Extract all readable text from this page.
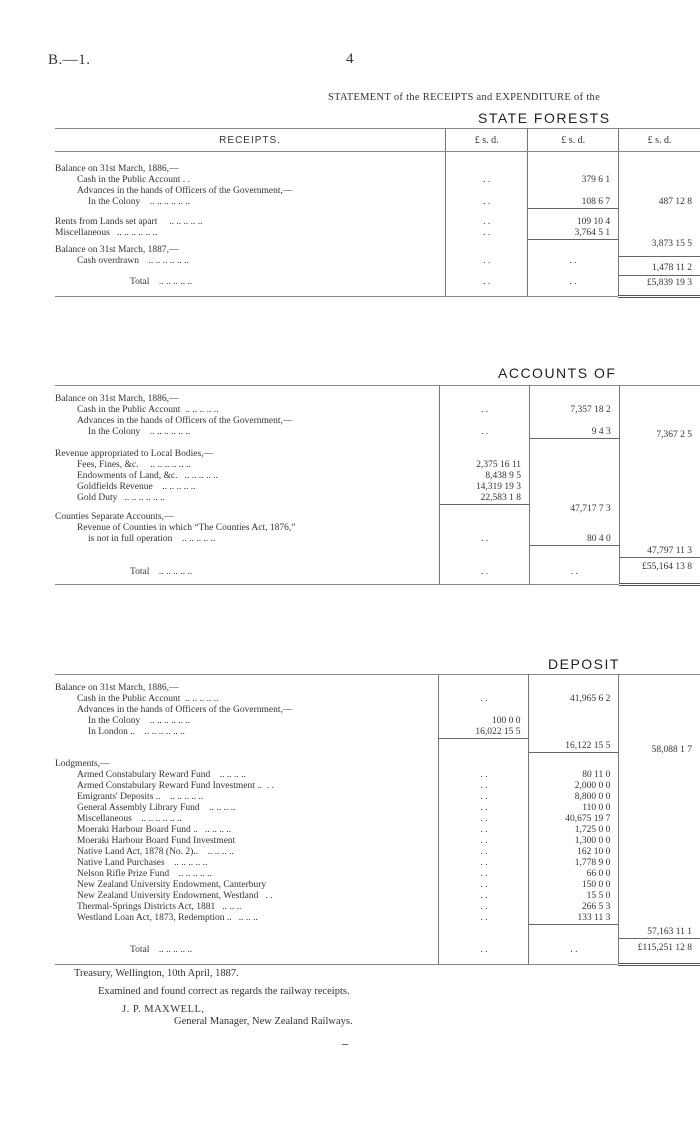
B.—1.	4
STATEMENT of the RECEIPTS and EXPENDITURE of the
STATE FORESTS
RECEIPTS.	£ s. d.	£ s. d.	£ s. d.
Balance on 31st March, 1886,—			
Cash in the Public Account . .	. .	379 6 1	
Advances in the hands of Officers of the Government,—			
In the Colony .. .. .. .. .. ..	. .	108 6 7	

			487 12 8

Rents from Lands set apart .. .. .. .. ..	. .	109 10 4	
Miscellaneous .. .. .. .. .. ..	. .	3,764 5 1	
Balance on 31st March, 1887,—			3,873 15 5
Cash overdrawn .. .. .. .. .. ..	. .	. .	1,478 11 2
Total .. .. .. .. ..	. .	. .	£5,839 19 3
ACCOUNTS OF
Balance on 31st March, 1886,—			
Cash in the Public Account .. .. .. .. ..	. .	7,357 18 2	
Advances in the hands of Officers of the Government,—			7,367 2 5

In the Colony .. .. .. .. .. ..	. .	9 4 3	
Revenue appropriated to Local Bodies,—			
Fees, Fines, &c. .. .. .. .. .. ..	2,375 16 11		
Endowments of Land, &c. .. .. .. .. ..	8,438 9 5		
Goldfields Revenue .. .. .. .. ..	14,319 19 3		
Gold Duty .. .. .. .. .. ..	22,583 1 8		

		47,717 7 3	

Counties Separate Accounts,—			
Revenue of Counties in which “The Counties Act, 1876,”			
is not in full operation .. .. .. .. ..	. .	80 4 0	
			47,797 11 3
Total .. .. .. .. ..	. .	. .	£55,164 13 8
DEPOSIT
Balance on 31st March, 1886,—			
Cash in the Public Account .. .. .. .. ..	. .	41,965 6 2	
Advances in the hands of Officers of the Government,—			
In the Colony .. .. .. .. .. ..	100 0 0		
In London .. .. .. .. .. .. ..	16,022 15 5		
		16,122 15 5	58,088 1 7

Lodgments,—			
Armed Constabulary Reward Fund .. .. .. ..	. .	80 11 0	
Armed Constabulary Reward Fund Investment .. . .	. .	2,000 0 0	
Emigrants' Deposits .. .. .. .. .. ..	. .	8,800 0 0	
General Assembly Library Fund .. .. .. ..	. .	110 0 0	
Miscellaneous .. .. .. .. .. ..	. .	40,675 19 7	
Moeraki Harbour Board Fund .. .. .. .. ..	. .	1,725 0 0	
Moeraki Harbour Board Fund Investment	. .	1,300 0 0	
Native Land Act, 1878 (No. 2).. .. .. .. ..	. .	162 10 0	
Native Land Purchases .. .. .. .. ..	. .	1,778 9 0	
Nelson Rifle Prize Fund .. .. .. .. ..	. .	66 0 0	
New Zealand University Endowment, Canterbury	. .	150 0 0	
New Zealand University Endowment, Westland . .	. .	15 5 0	
Thermal-Springs Districts Act, 1881 .. .. ..	. .	266 5 3	
Westland Loan Act, 1873, Redemption .. .. .. ..	. .	133 11 3	
			57,163 11 1
Total .. .. .. .. ..	. .	. .	£115,251 12 8
Treasury, Wellington, 10th April, 1887.
Examined and found correct as regards the railway receipts.
J. P. MAXWELL,
General Manager, New Zealand Railways.
